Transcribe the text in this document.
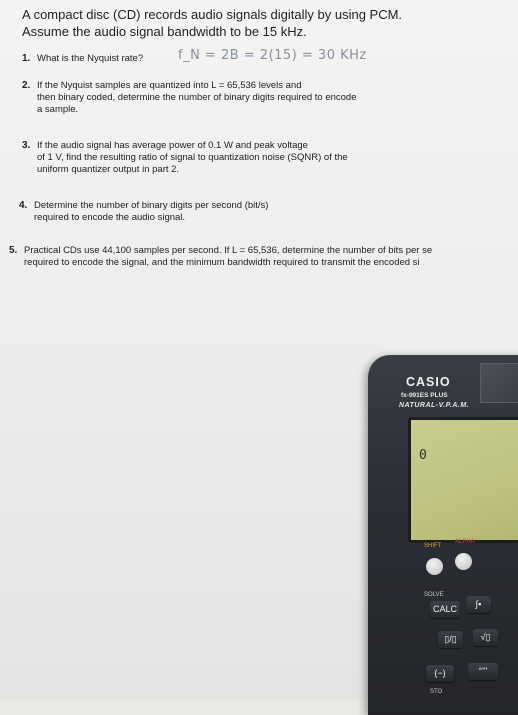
A compact disc (CD) records audio signals digitally by using PCM.
Assume the audio signal bandwidth to be 15 kHz.
1. What is the Nyquist rate?	f_N = 2B = 2(15) = 30 KHz
2. If the Nyquist samples are quantized into L = 65,536 levels and
then binary coded, determine the number of binary digits required to encode
a sample.
3. If the audio signal has average power of 0.1 W and peak voltage
of 1 V, find the resulting ratio of signal to quantization noise (SQNR) of the
uniform quantizer output in part 2.
4. Determine the number of binary digits per second (bit/s)
required to encode the audio signal.
5. Practical CDs use 44,100 samples per second. If L = 65,536, determine the number of bits per se
required to encode the signal, and the minimum bandwidth required to transmit the encoded si
CASIO
fx-991ES PLUS
NATURAL-V.P.A.M.
0
SHIFT
ALPHA
SOLVE
CALC	∫▪
▯/▯	√▯
(−)	°'''
STO
